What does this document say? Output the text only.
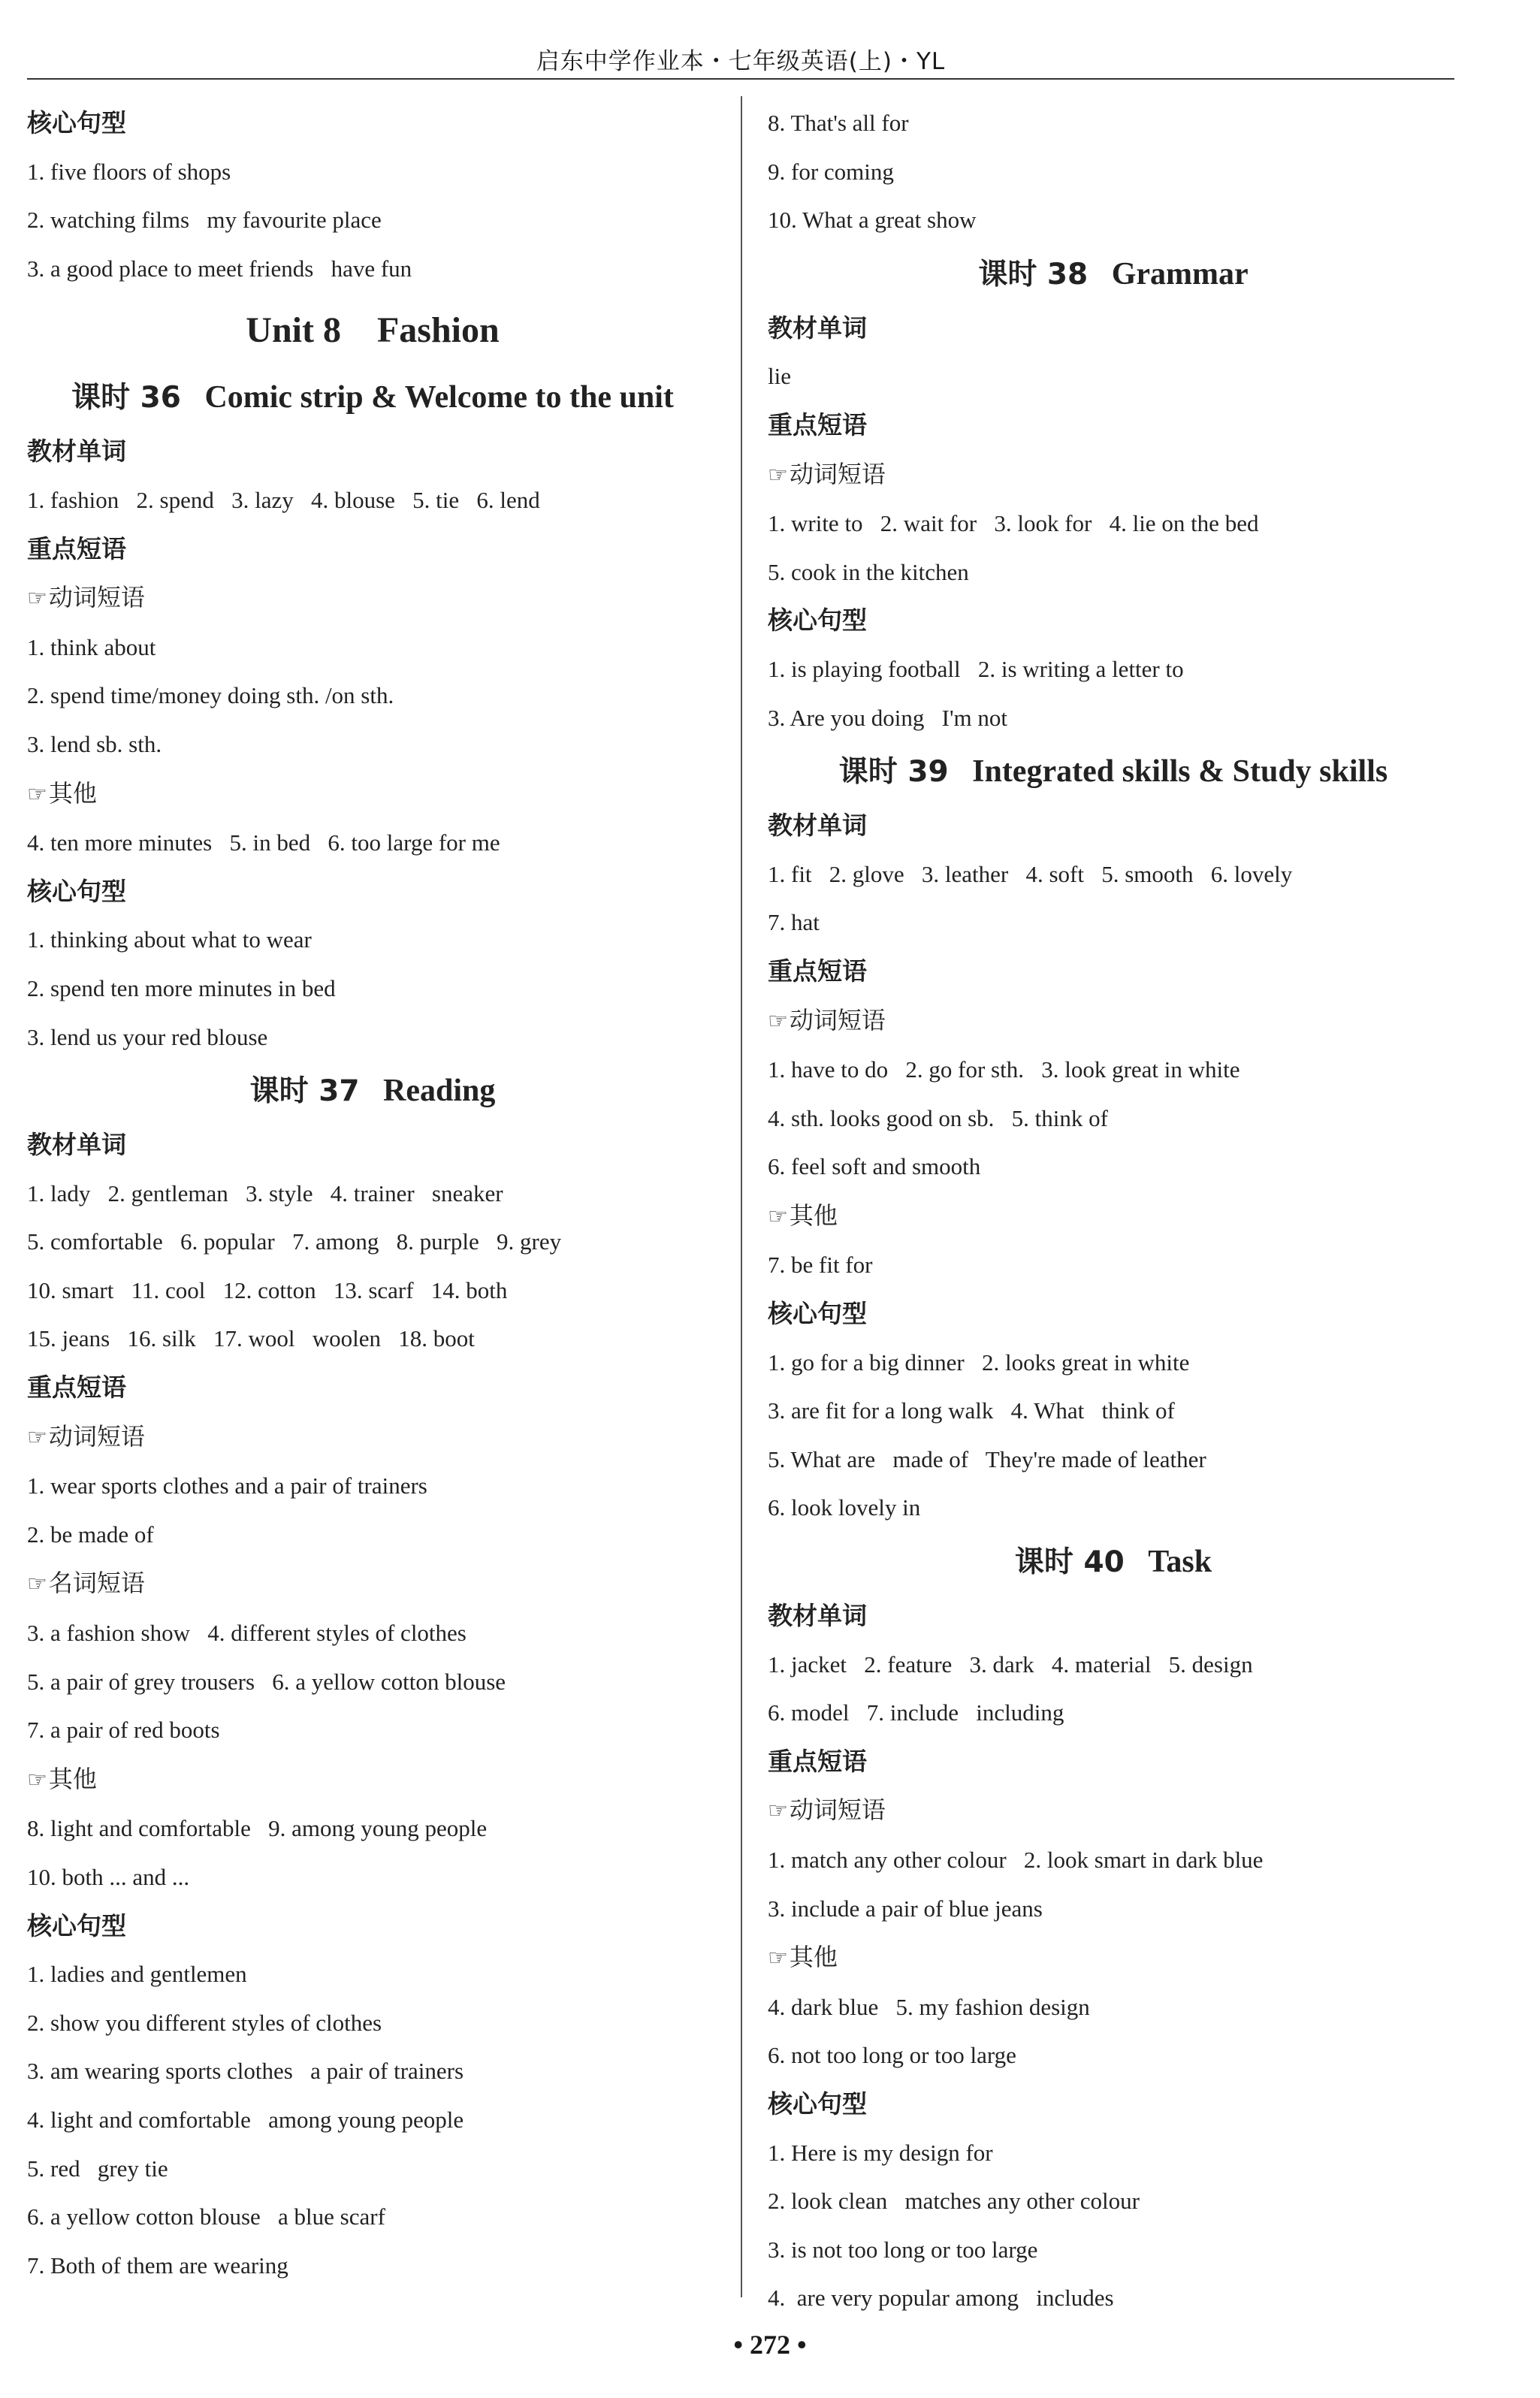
启东中学作业本・七年级英语(上)・YL
核心句型
1. five floors of shops
2. watching films   my favourite place
3. a good place to meet friends   have fun
Unit 8    Fashion
课时 36 Comic strip & Welcome to the unit
教材单词
1. fashion   2. spend   3. lazy   4. blouse   5. tie   6. lend
重点短语
☞动词短语
1. think about
2. spend time/money doing sth. /on sth.
3. lend sb. sth.
☞其他
4. ten more minutes   5. in bed   6. too large for me
核心句型
1. thinking about what to wear
2. spend ten more minutes in bed
3. lend us your red blouse
课时 37 Reading
教材单词
1. lady   2. gentleman   3. style   4. trainer   sneaker
5. comfortable   6. popular   7. among   8. purple   9. grey
10. smart   11. cool   12. cotton   13. scarf   14. both
15. jeans   16. silk   17. wool   woolen   18. boot
重点短语
☞动词短语
1. wear sports clothes and a pair of trainers
2. be made of
☞名词短语
3. a fashion show   4. different styles of clothes
5. a pair of grey trousers   6. a yellow cotton blouse
7. a pair of red boots
☞其他
8. light and comfortable   9. among young people
10. both ... and ...
核心句型
1. ladies and gentlemen
2. show you different styles of clothes
3. am wearing sports clothes   a pair of trainers
4. light and comfortable   among young people
5. red   grey tie
6. a yellow cotton blouse   a blue scarf
7. Both of them are wearing
8. That's all for
9. for coming
10. What a great show
课时 38 Grammar
教材单词
lie
重点短语
☞动词短语
1. write to   2. wait for   3. look for   4. lie on the bed
5. cook in the kitchen
核心句型
1. is playing football   2. is writing a letter to
3. Are you doing   I'm not
课时 39 Integrated skills & Study skills
教材单词
1. fit   2. glove   3. leather   4. soft   5. smooth   6. lovely
7. hat
重点短语
☞动词短语
1. have to do   2. go for sth.   3. look great in white
4. sth. looks good on sb.   5. think of
6. feel soft and smooth
☞其他
7. be fit for
核心句型
1. go for a big dinner   2. looks great in white
3. are fit for a long walk   4. What   think of
5. What are   made of   They're made of leather
6. look lovely in
课时 40 Task
教材单词
1. jacket   2. feature   3. dark   4. material   5. design
6. model   7. include   including
重点短语
☞动词短语
1. match any other colour   2. look smart in dark blue
3. include a pair of blue jeans
☞其他
4. dark blue   5. my fashion design
6. not too long or too large
核心句型
1. Here is my design for
2. look clean   matches any other colour
3. is not too long or too large
4.  are very popular among   includes
• 272 •
